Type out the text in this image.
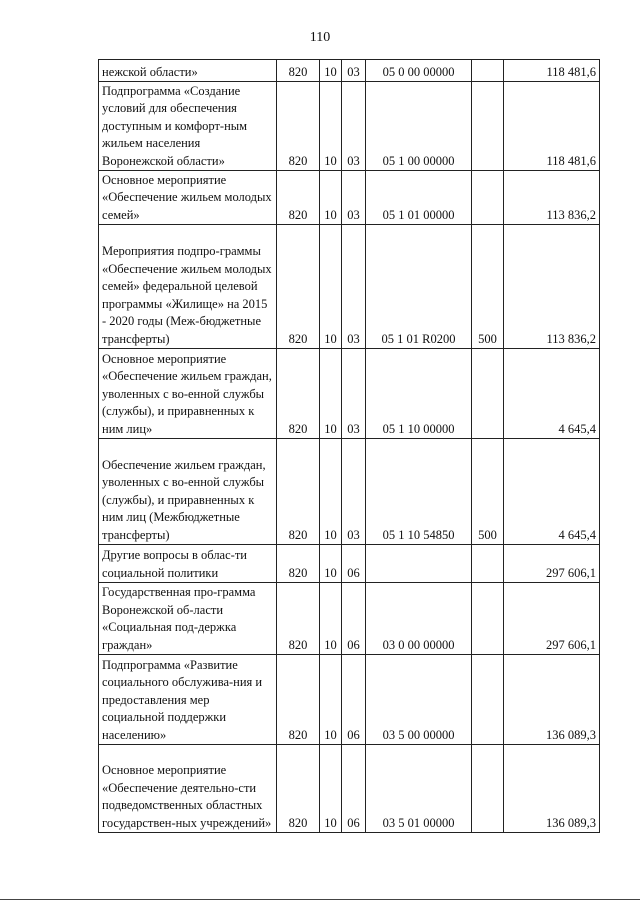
110
нежской области»	820	10	03	05 0 00 00000		118 481,6
Подпрограмма «Создание условий для обеспечения доступным и комфорт-ным жильем населения Воронежской области»	820	10	03	05 1 00 00000		118 481,6
Основное мероприятие «Обеспечение жильем молодых семей»	820	10	03	05 1 01 00000		113 836,2
Мероприятия подпро-граммы «Обеспечение жильем молодых семей» федеральной целевой программы «Жилище» на 2015 - 2020 годы (Меж-бюджетные трансферты)	820	10	03	05 1 01 R0200	500	113 836,2
Основное мероприятие «Обеспечение жильем граждан, уволенных с во-енной службы (службы), и приравненных к ним лиц»	820	10	03	05 1 10 00000		4 645,4
Обеспечение жильем граждан, уволенных с во-енной службы (службы), и приравненных к ним лиц (Межбюджетные трансферты)	820	10	03	05 1 10 54850	500	4 645,4
Другие вопросы в облас-ти социальной политики	820	10	06			297 606,1
Государственная про-грамма Воронежской об-ласти «Социальная под-держка граждан»	820	10	06	03 0 00 00000		297 606,1
Подпрограмма «Развитие социального обслужива-ния и предоставления мер социальной поддержки населению»	820	10	06	03 5 00 00000		136 089,3
Основное мероприятие «Обеспечение деятельно-сти подведомственных областных государствен-ных учреждений»	820	10	06	03 5 01 00000		136 089,3
